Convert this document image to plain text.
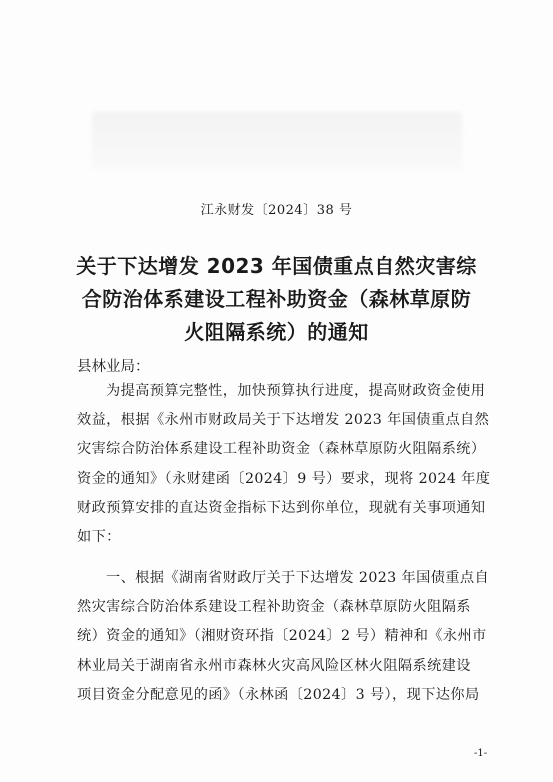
江永财发〔2024〕38 号
关于下达增发 2023 年国债重点自然灾害综
合防治体系建设工程补助资金（森林草原防
火阻隔系统）的通知
县林业局：
为提高预算完整性，加快预算执行进度，提高财政资金使用
效益，根据《永州市财政局关于下达增发 2023 年国债重点自然
灾害综合防治体系建设工程补助资金（森林草原防火阻隔系统）
资金的通知》（永财建函〔2024〕9 号）要求，现将 2024 年度
财政预算安排的直达资金指标下达到你单位，现就有关事项通知
如下：
一、根据《湖南省财政厅关于下达增发 2023 年国债重点自
然灾害综合防治体系建设工程补助资金（森林草原防火阻隔系
统）资金的通知》（湘财资环指〔2024〕2 号）精神和《永州市
林业局关于湖南省永州市森林火灾高风险区林火阻隔系统建设
项目资金分配意见的函》（永林函〔2024〕3 号），现下达你局
-1-
